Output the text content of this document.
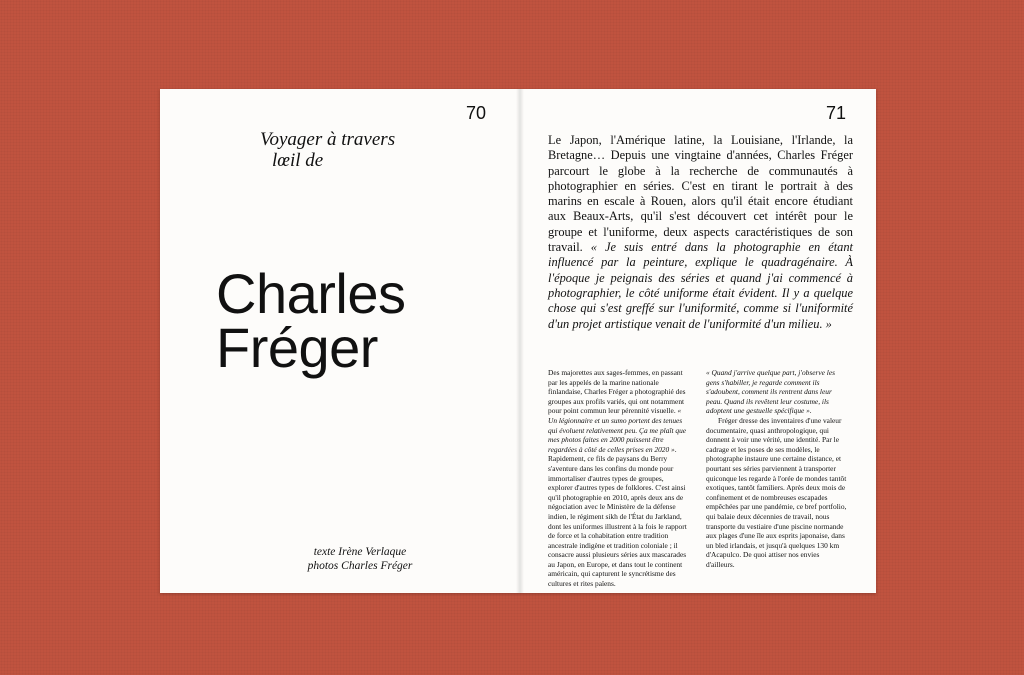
70
Voyager à travers
lœil de
Charles
Fréger
texte Irène Verlaque
photos Charles Fréger
71
Le Japon, l'Amérique latine, la Louisiane, l'Irlande, la Bretagne… Depuis une vingtaine d'années, Charles Fréger parcourt le globe à la recherche de communautés à photographier en séries. C'est en tirant le portrait à des marins en escale à Rouen, alors qu'il était encore étudiant aux Beaux-Arts, qu'il s'est découvert cet intérêt pour le groupe et l'uniforme, deux aspects caractéristiques de son travail. « Je suis entré dans la photographie en étant influencé par la peinture, explique le quadragénaire. À l'époque je peignais des séries et quand j'ai commencé à photographier, le côté uniforme était évident. Il y a quelque chose qui s'est greffé sur l'uniformité, comme si l'uniformité d'un projet artistique venait de l'uniformité d'un milieu. »

Des majorettes aux sages-femmes, en passant par les appelés de la marine nationale finlandaise, Charles Fréger a photographié des groupes aux profils variés, qui ont notamment pour point commun leur pérennité visuelle. « Un légionnaire et un sumo portent des tenues qui évoluent relativement peu. Ça me plaît que mes photos faites en 2000 puissent être regardées à côté de celles prises en 2020 ». Rapidement, ce fils de paysans du Berry s'aventure dans les confins du monde pour immortaliser d'autres types de groupes, explorer d'autres types de folklores. C'est ainsi qu'il photographie en 2010, après deux ans de négociation avec le Ministère de la défense indien, le régiment sikh de l'État du Jarkland, dont les uniformes illustrent à la fois le rapport de force et la cohabitation entre tradition ancestrale indigène et tradition coloniale ; il consacre aussi plusieurs séries aux mascarades au Japon, en Europe, et dans tout le continent américain, qui capturent le syncrétisme des cultures et rites païens.

« Quand j'arrive quelque part, j'observe les gens s'habiller, je regarde comment ils s'adoubent, comment ils rentrent dans leur peau. Quand ils revêtent leur costume, ils adoptent une gestuelle spécifique ».

Fréger dresse des inventaires d'une valeur documentaire, quasi anthropologique, qui donnent à voir une vérité, une identité. Par le cadrage et les poses de ses modèles, le photographe instaure une certaine distance, et pourtant ses séries parviennent à transporter quiconque les regarde à l'orée de mondes tantôt exotiques, tantôt familiers. Après deux mois de confinement et de nombreuses escapades empêchées par une pandémie, ce bref portfolio, qui balaie deux décennies de travail, nous transporte du vestiaire d'une piscine normande aux plages d'une île aux esprits japonaise, dans un bled irlandais, et jusqu'à quelques 130 km d'Acapulco. De quoi attiser nos envies d'ailleurs.
